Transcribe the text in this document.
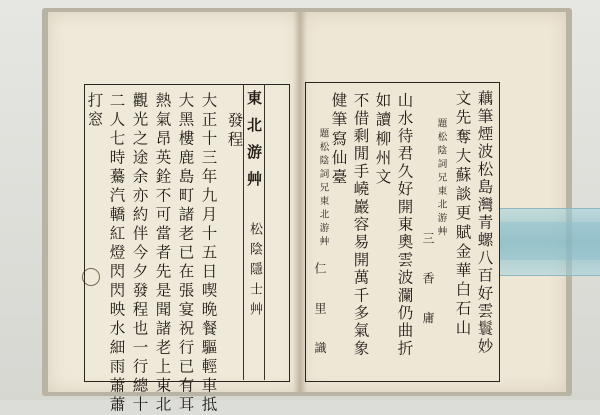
東北游艸
松陰隱士艸
發程
大正十三年九月十五日喫晩餐驅輕車抵
大黑樓鹿島町諸老已在張宴祝行已有耳
熱氣昂英銓不可當者先是聞諸老上東北
觀光之途余亦約伴今夕發程也一行總十
二人七時驀汽轎紅燈閃閃映水細雨蕭蕭
打窓	藕筆煙波松島灣青螺八百好雲鬟妙
文先奪大蘇談更賦金華白石山
題松陰詞兄東北游艸
三 香 庸
山水待君久好開東奧雲波瀾仍曲折
如讀柳州文
不借剩閒手嶢巖容易開萬千多氣象
健筆寫仙臺
題松陰詞兄東北游艸
仁 里 識
